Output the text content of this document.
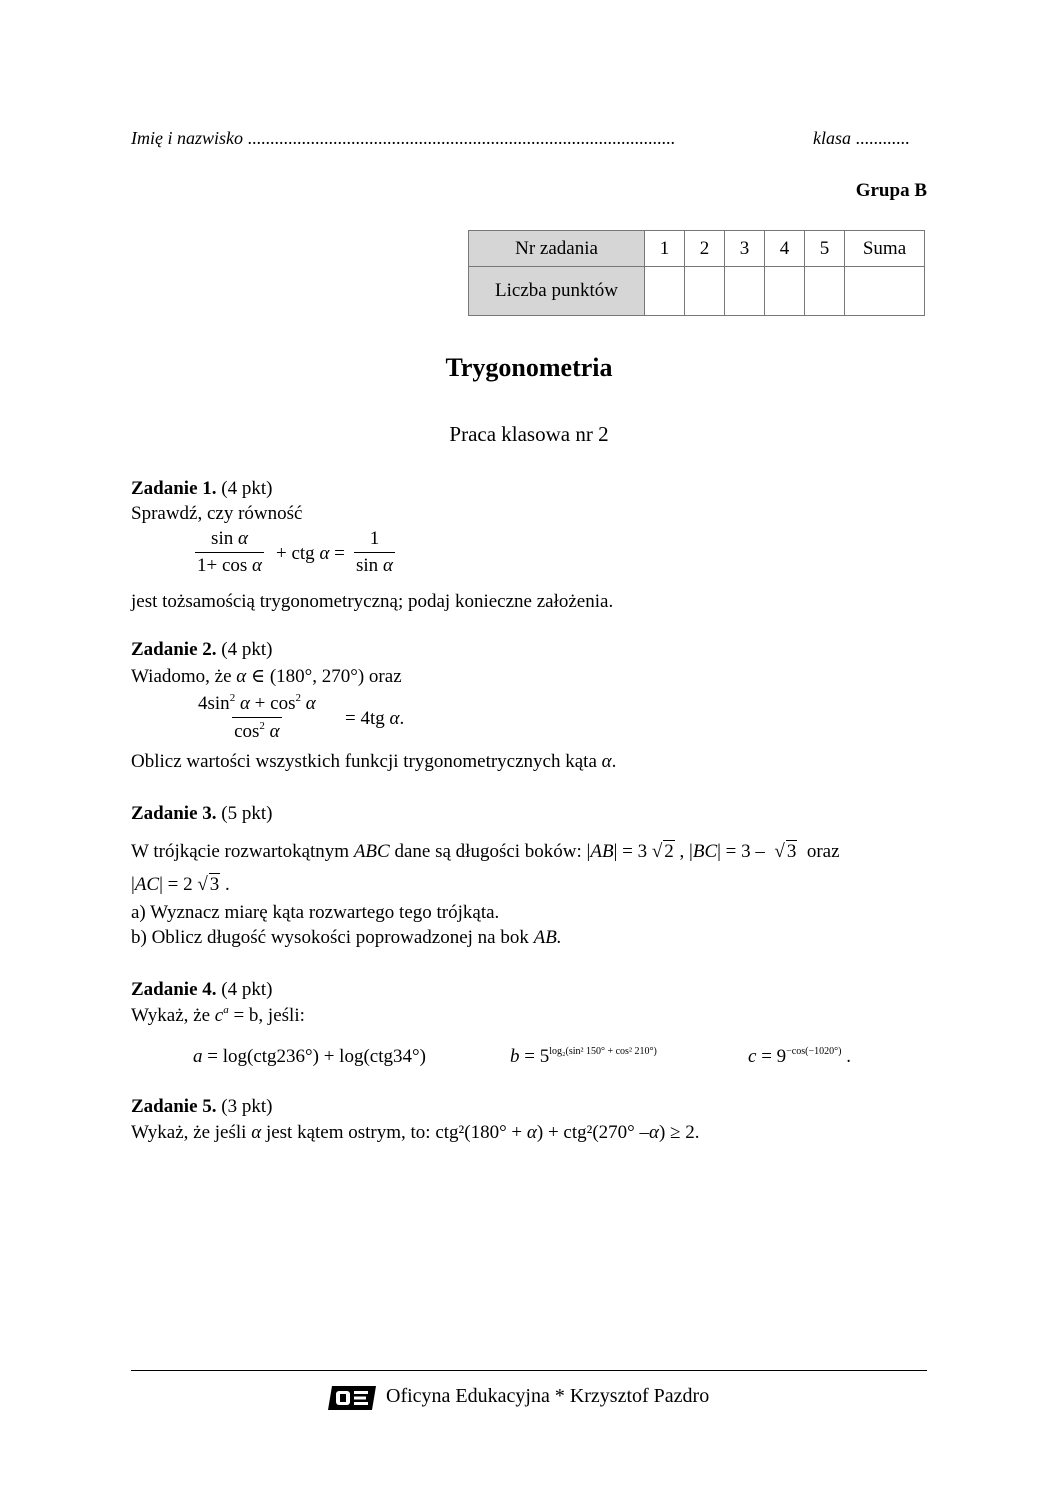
Imię i nazwisko ...............................................................................................	klasa ............
Grupa B
Nr zadania	1	2	3	4	5	Suma
Liczba punktów						
Trygonometria
Praca klasowa nr 2
Zadanie 1. (4 pkt)
Sprawdź, czy równość
$\frac{\text{sin α}}{\text{1+ cos α}}$ + ctg $\alpha = \frac{1}{\text{sin α}}$
jest tożsamością trygonometryczną; podaj konieczne założenia.
Zadanie 2. (4 pkt)
Wiadomo, że α ∈ (180°, 270°) oraz
$\frac{4\sin^2 \alpha + \cos^2 \alpha}{\cos^2 \alpha} = 4tg$ α.
Oblicz wartości wszystkich funkcji trygonometrycznych kąta α.
Zadanie 3. (5 pkt)
W trójkącie rozwartokątnym ABC dane są długości boków: |AB| = 3 √ 2 , |BC| = 3 –  √ 3  oraz
|AC| = 2 √ 3 .
a) Wyznacz miarę kąta rozwartego tego trójkąta.
b) Oblicz długość wysokości poprowadzonej na bok AB.
Zadanie 4. (4 pkt)
Wykaż, że $c^a = b$, jeśli:
a = log(ctg236°) + log(ctg34°)	$b = 5^{log_2(sin^2 150^\circ + cos^2 210^\circ)}$	$c = 9^{-cos(-1020^\circ)}$ .
Zadanie 5. (3 pkt)
Wykaż, że jeśli α jest kątem ostrym, to: ctg²(180° + α) + ctg²(270° –α) ≥ 2.
Oficyna Edukacyjna * Krzysztof Pazdro
